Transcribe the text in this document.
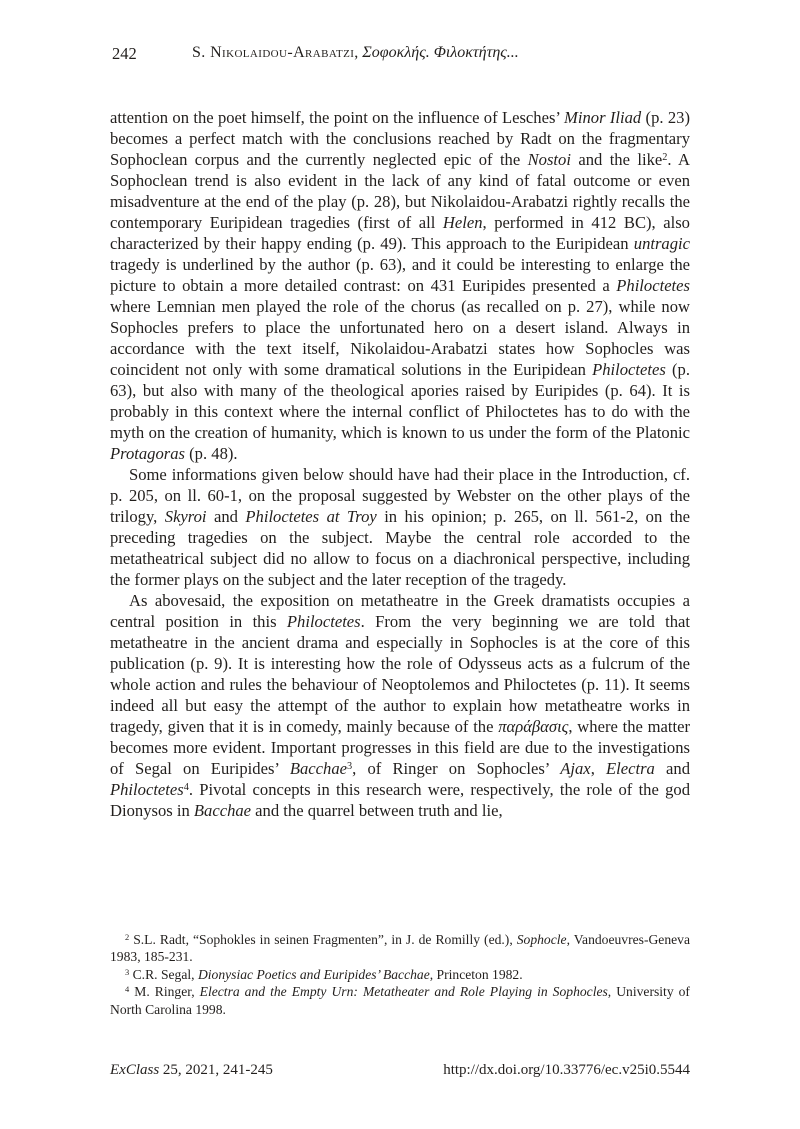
242	S. Nikolaidou-Arabatzi, Σοφοκλής. Φιλοκτήτης...

attention on the poet himself, the point on the influence of Lesches’ Minor Iliad (p. 23) becomes a perfect match with the conclusions reached by Radt on the fragmentary Sophoclean corpus and the currently neglected epic of the Nostoi and the like$^2$. A Sophoclean trend is also evident in the lack of any kind of fatal outcome or even misadventure at the end of the play (p. 28), but Nikolaidou-Arabatzi rightly recalls the contemporary Euripidean tragedies (first of all Helen, performed in 412 BC), also characterized by their happy ending (p. 49). This approach to the Euripidean untragic tragedy is underlined by the author (p. 63), and it could be interesting to enlarge the picture to obtain a more detailed contrast: on 431 Euripides presented a Philoctetes where Lemnian men played the role of the chorus (as recalled on p. 27), while now Sophocles prefers to place the unfortunated hero on a desert island. Always in accordance with the text itself, Nikolaidou-Arabatzi states how Sophocles was coincident not only with some dramatical solutions in the Euripidean Philoctetes (p. 63), but also with many of the theological apories raised by Euripides (p. 64). It is probably in this context where the internal conflict of Philoctetes has to do with the myth on the creation of humanity, which is known to us under the form of the Platonic Protagoras (p. 48).

Some informations given below should have had their place in the Introduction, cf. p. 205, on ll. 60-1, on the proposal suggested by Webster on the other plays of the trilogy, Skyroi and Philoctetes at Troy in his opinion; p. 265, on ll. 561-2, on the preceding tragedies on the subject. Maybe the central role accorded to the metatheatrical subject did no allow to focus on a diachronical perspective, including the former plays on the subject and the later reception of the tragedy.

As abovesaid, the exposition on metatheatre in the Greek dramatists occupies a central position in this Philoctetes. From the very beginning we are told that metatheatre in the ancient drama and especially in Sophocles is at the core of this publication (p. 9). It is interesting how the role of Odysseus acts as a fulcrum of the whole action and rules the behaviour of Neoptolemos and Philoctetes (p. 11). It seems indeed all but easy the attempt of the author to explain how metatheatre works in tragedy, given that it is in comedy, mainly because of the παράβασις, where the matter becomes more evident. Important progresses in this field are due to the investigations of Segal on Euripides’ Bacchae$^3$, of Ringer on Sophocles’ Ajax, Electra and Philoctetes$^4$. Pivotal concepts in this research were, respectively, the role of the god Dionysos in Bacchae and the quarrel between truth and lie,

$^2$ S.L. Radt, “Sophokles in seinen Fragmenten”, in J. de Romilly (ed.), Sophocle, Vandoeuvres-Geneva 1983, 185-231.

$^3$ C.R. Segal, Dionysiac Poetics and Euripides’ Bacchae, Princeton 1982.

$^4$ M. Ringer, Electra and the Empty Urn: Metatheater and Role Playing in Sophocles, University of North Carolina 1998.

ExClass 25, 2021, 241-245	http://dx.doi.org/10.33776/ec.v25i0.5544
